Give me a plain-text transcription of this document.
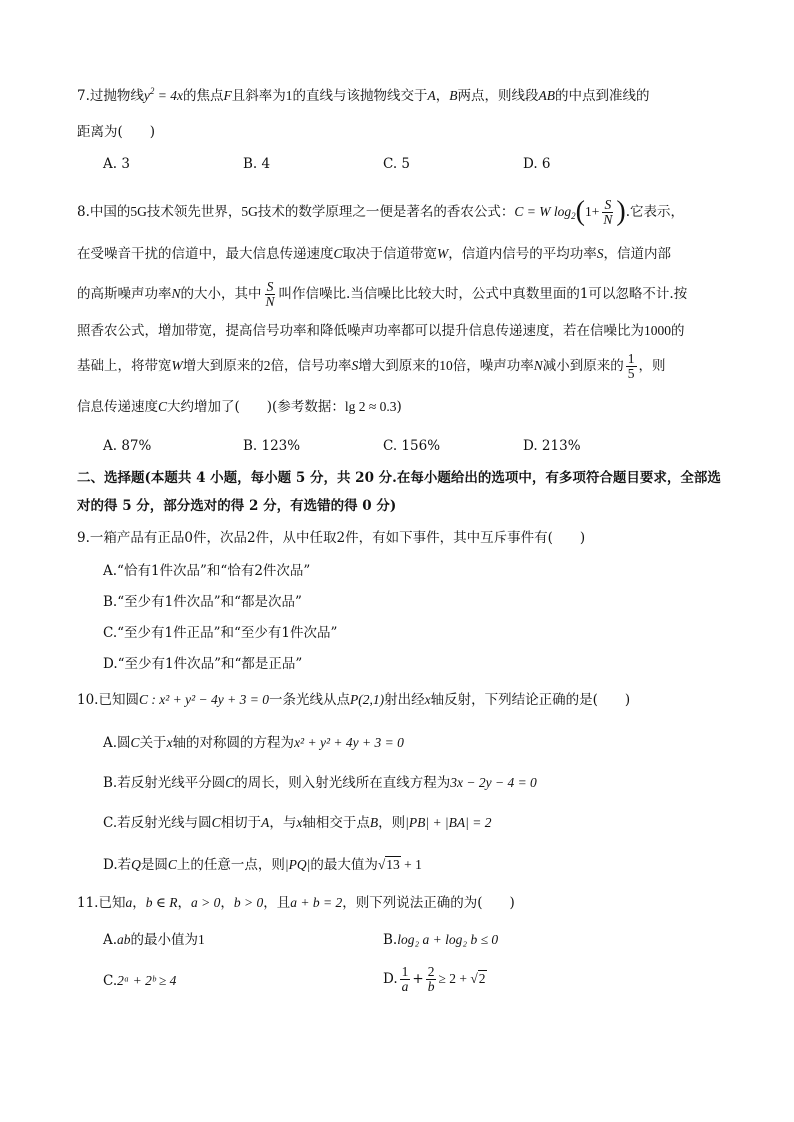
7.过抛物线$y^2 = 4x$的焦点F且斜率为1的直线与该抛物线交于A，B两点，则线段AB的中点到准线的
距离为(　　)
A. 3	B. 4	C. 5	D. 6
8.中国的5G技术领先世界，5G技术的数学原理之一便是著名的香农公式：C = W $\log_2(1+ \frac{S}{N}$ ).它表示，
在受噪音干扰的信道中，最大信息传递速度C取决于信道带宽W，信道内信号的平均功率S，信道内部
的高斯噪声功率N的大小，其中 $\frac{S}{N}$ 叫作信噪比.当信噪比比较大时，公式中真数里面的1可以忽略不计.按
照香农公式，增加带宽，提高信号功率和降低噪声功率都可以提升信息传递速度，若在信噪比为1000的
基础上，将带宽W增大到原来的2倍，信号功率S增大到原来的10倍，噪声功率N减小到原来的 $\frac{1}{5}$ ，则
信息传递速度C大约增加了(　　)(参考数据：lg 2 ≈ 0.3)
A. 87%	B. 123%	C. 156%	D. 213%
二、选择题(本题共 4 小题，每小题 5 分，共 20 分.在每小题给出的选项中，有多项符合题目要求，全部选
对的得 5 分，部分选对的得 2 分，有选错的得 0 分)
9.一箱产品有正品0件，次品2件，从中任取2件，有如下事件，其中互斥事件有(　　)
A.“恰有1件次品”和“恰有2件次品”
B.“至少有1件次品”和“都是次品”
C.“至少有1件正品”和“至少有1件次品”
D.“至少有1件次品”和“都是正品”
10.已知圆C : x² + y² − 4y + 3 = 0一条光线从点P(2,1)射出经x轴反射，下列结论正确的是(　　)
A.圆C关于x轴的对称圆的方程为x² + y² + 4y + 3 = 0
B.若反射光线平分圆C的周长，则入射光线所在直线方程为3x − 2y − 4 = 0
C.若反射光线与圆C相切于A，与x轴相交于点B，则|PB| + |BA| = 2
D.若Q是圆C上的任意一点，则|PQ|的最大值为√13 + 1
11.已知a，b ∈ R，a > 0，b > 0，且a + b = 2，则下列说法正确的为(　　)
A.ab的最小值为1	B.log₂ a + log₂ b ≤ 0
C.2ᵃ + 2ᵇ ≥ 4	D. $\frac{1}{a} + \frac{2}{b} \ge 2 + √2$
